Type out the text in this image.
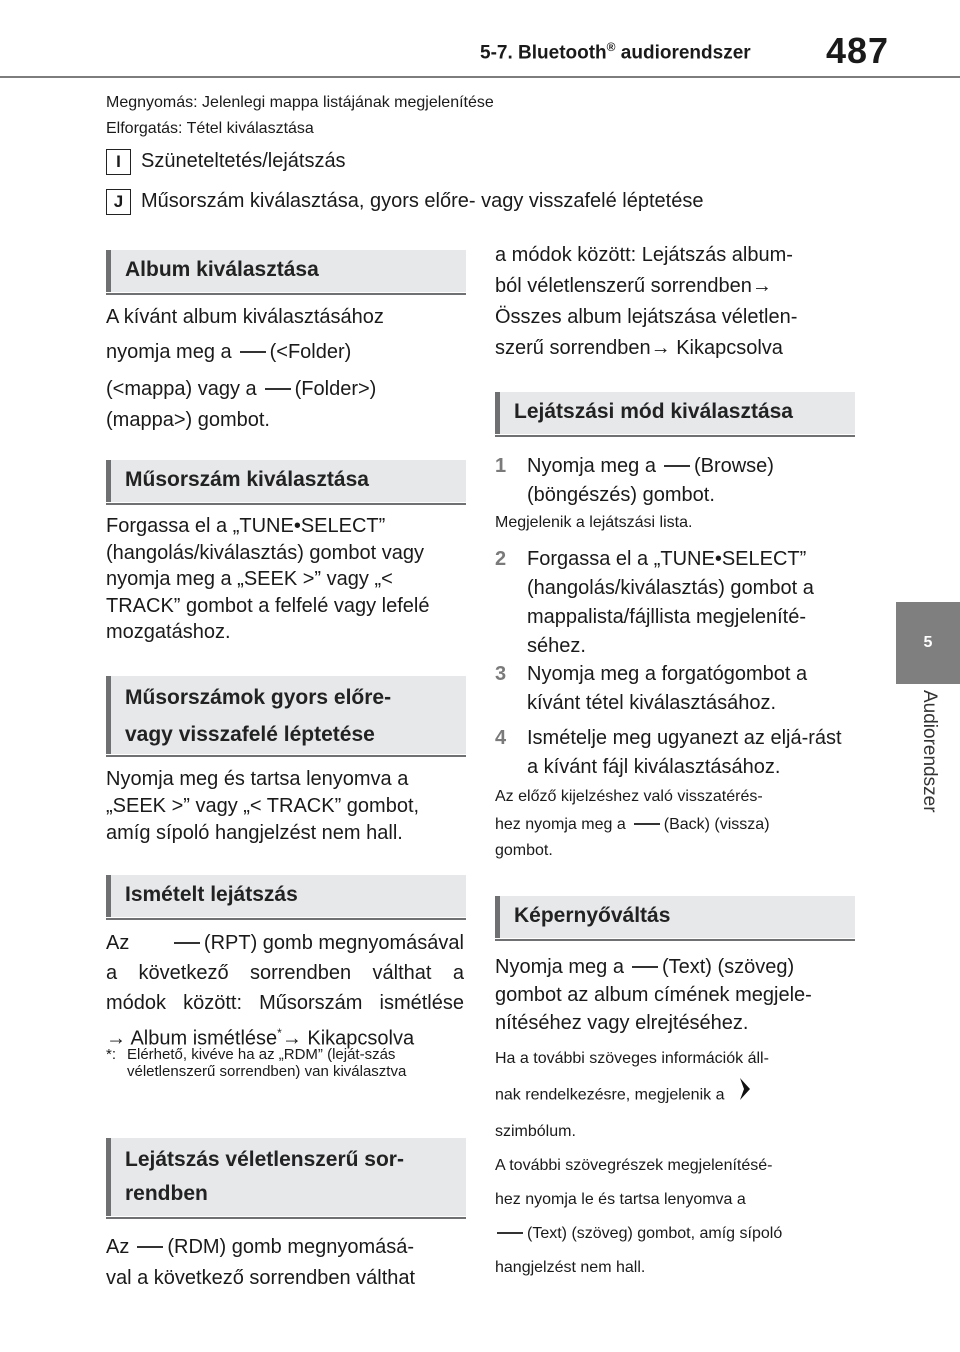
5-7. Bluetooth® audiorendszer 487
5
Audiorendszer
Megnyomás: Jelenlegi mappa listájának megjelenítése
Elforgatás: Tétel kiválasztása
I Szüneteltetés/lejátszás
J Műsorszám kiválasztása, gyors előre- vagy visszafelé léptetése
Album kiválasztása
A kívánt album kiválasztásához
nyomja meg a (<Folder)
(<mappa) vagy a (Folder>)
(mappa>) gombot.
Műsorszám kiválasztása
Forgassa el a „TUNE•SELECT” (hangolás/kiválasztás) gombot vagy nyomja meg a „SEEK >” vagy „< TRACK” gombot a felfelé vagy lefelé mozgatáshoz.
Műsorszámok gyors előre-
vagy visszafelé léptetése
Nyomja meg és tartsa lenyomva a „SEEK >” vagy „< TRACK” gombot, amíg sípoló hangjelzést nem hall.
Ismételt lejátszás
Az	(RPT) gomb megnyomásával
a következő sorrendben válthat a
módok között: Műsorszám ismétlése
→ Album ismétlése*→ Kikapcsolva
*: Elérhető, kivéve ha az „RDM” (leját-szás véletlenszerű sorrendben) van kiválasztva
Lejátszás véletlenszerű sor-
rendben
Az (RDM) gomb megnyomásá-
val a következő sorrendben válthat
a módok között: Lejátszás album-
ból véletlenszerű sorrendben→
Összes album lejátszása véletlen-
szerű sorrendben→ Kikapcsolva
Lejátszási mód kiválasztása
1 Nyomja meg a (Browse)
(böngészés) gombot.
Megjelenik a lejátszási lista.
2 Forgassa el a „TUNE•SELECT” (hangolás/kiválasztás) gombot a mappalista/fájllista megjeleníté-séhez.
3 Nyomja meg a forgatógombot a kívánt tétel kiválasztásához.
4 Ismételje meg ugyanezt az eljá-rást a kívánt fájl kiválasztásához.
Az előző kijelzéshez való visszatérés-
hez nyomja meg a (Back) (vissza)
gombot.
Képernyőváltás
Nyomja meg a (Text) (szöveg)
gombot az album címének megjele-
nítéséhez vagy elrejtéséhez.
Ha a további szöveges információk áll-
nak rendelkezésre, megjelenik a
szimbólum.
A további szövegrészek megjelenítésé-
hez nyomja le és tartsa lenyomva a
(Text) (szöveg) gombot, amíg sípoló
hangjelzést nem hall.
